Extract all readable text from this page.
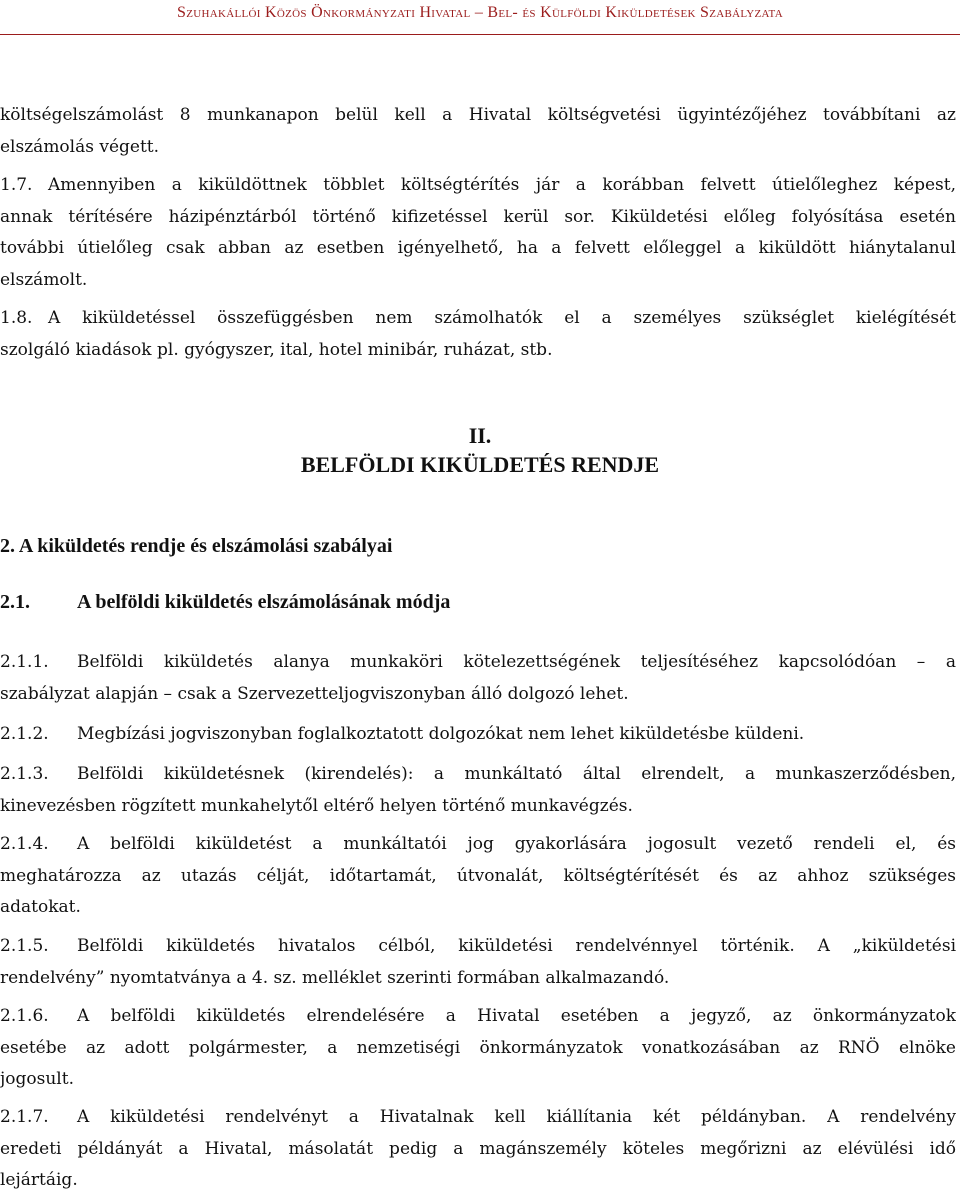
Szuhakállói Közös Önkormányzati Hivatal – Bel- és Külföldi Kiküldetések Szabályzata
költségelszámolást 8 munkanapon belül kell a Hivatal költségvetési ügyintézőjéhez továbbítani az
elszámolás végett.
1.7. Amennyiben a kiküldöttnek többlet költségtérítés jár a korábban felvett útielőleghez képest,
annak térítésére házipénztárból történő kifizetéssel kerül sor. Kiküldetési előleg folyósítása esetén
további útielőleg csak abban az esetben igényelhető, ha a felvett előleggel a kiküldött hiánytalanul
elszámolt.
1.8. A kiküldetéssel összefüggésben nem számolhatók el a személyes szükséglet kielégítését
szolgáló kiadások pl. gyógyszer, ital, hotel minibár, ruházat, stb.
II.
BELFÖLDI KIKÜLDETÉS RENDJE
2. A kiküldetés rendje és elszámolási szabályai
2.1. A belföldi kiküldetés elszámolásának módja
2.1.1. Belföldi kiküldetés alanya munkaköri kötelezettségének teljesítéséhez kapcsolódóan – a
szabályzat alapján – csak a Szervezetteljogviszonyban álló dolgozó lehet.
2.1.2. Megbízási jogviszonyban foglalkoztatott dolgozókat nem lehet kiküldetésbe küldeni.
2.1.3. Belföldi kiküldetésnek (kirendelés): a munkáltató által elrendelt, a munkaszerződésben,
kinevezésben rögzített munkahelytől eltérő helyen történő munkavégzés.
2.1.4. A belföldi kiküldetést a munkáltatói jog gyakorlására jogosult vezető rendeli el, és
meghatározza az utazás célját, időtartamát, útvonalát, költségtérítését és az ahhoz szükséges
adatokat.
2.1.5. Belföldi kiküldetés hivatalos célból, kiküldetési rendelvénnyel történik. A „kiküldetési
rendelvény” nyomtatványa a 4. sz. melléklet szerinti formában alkalmazandó.
2.1.6. A belföldi kiküldetés elrendelésére a Hivatal esetében a jegyző, az önkormányzatok
esetébe az adott polgármester, a nemzetiségi önkormányzatok vonatkozásában az RNÖ elnöke
jogosult.
2.1.7. A kiküldetési rendelvényt a Hivatalnak kell kiállítania két példányban. A rendelvény
eredeti példányát a Hivatal, másolatát pedig a magánszemély köteles megőrizni az elévülési idő
lejártáig.
